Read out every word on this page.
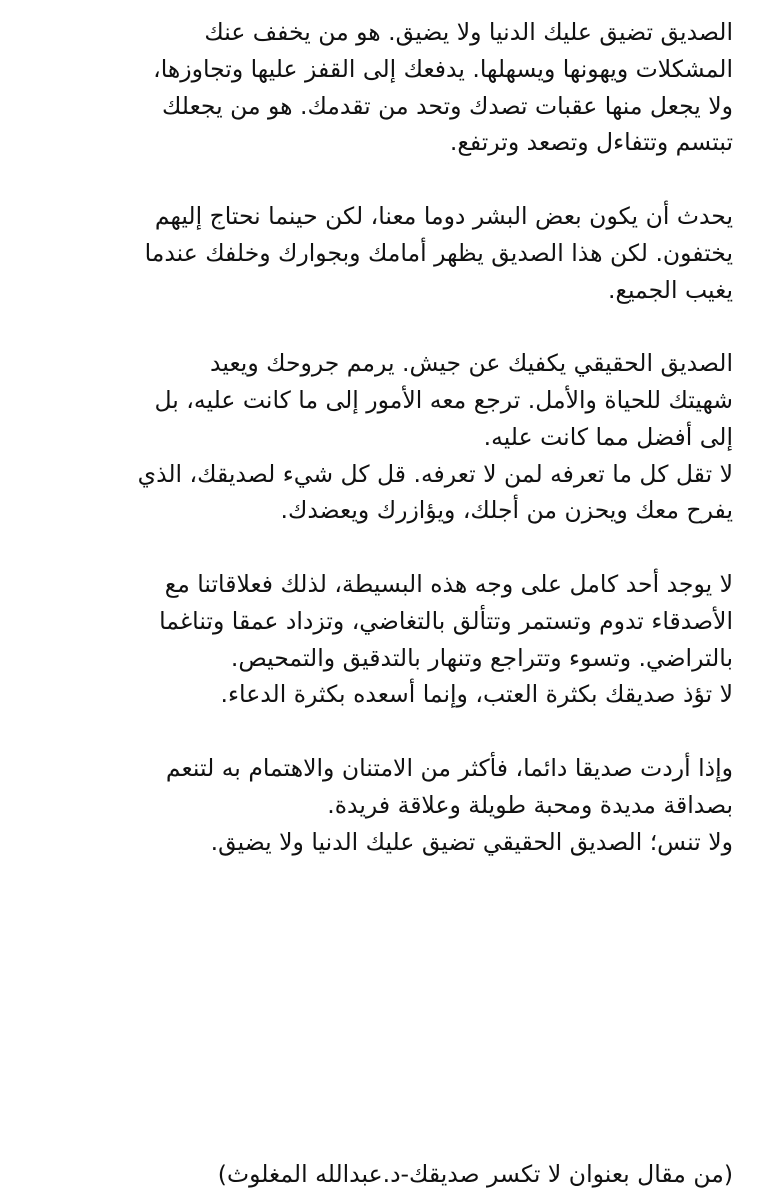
الصديق تضيق عليك الدنيا ولا يضيق. هو من يخفف عنك
المشكلات ويهونها ويسهلها. يدفعك إلى القفز عليها وتجاوزها،
ولا يجعل منها عقبات تصدك وتحد من تقدمك. هو من يجعلك
تبتسم وتتفاءل وتصعد وترتفع.

يحدث أن يكون بعض البشر دوما معنا، لكن حينما نحتاج إليهم
يختفون. لكن هذا الصديق يظهر أمامك وبجوارك وخلفك عندما
يغيب الجميع.

الصديق الحقيقي يكفيك عن جيش. يرمم جروحك ويعيد
شهيتك للحياة والأمل. ترجع معه الأمور إلى ما كانت عليه، بل
إلى أفضل مما كانت عليه.
لا تقل كل ما تعرفه لمن لا تعرفه. قل كل شيء لصديقك، الذي
يفرح معك ويحزن من أجلك، ويؤازرك ويعضدك.

لا يوجد أحد كامل على وجه هذه البسيطة، لذلك فعلاقاتنا مع
الأصدقاء تدوم وتستمر وتتألق بالتغاضي، وتزداد عمقا وتناغما
بالتراضي. وتسوء وتتراجع وتنهار بالتدقيق والتمحيص.
لا تؤذ صديقك بكثرة العتب، وإنما أسعده بكثرة الدعاء.

وإذا أردت صديقا دائما، فأكثر من الامتنان والاهتمام به لتنعم
بصداقة مديدة ومحبة طويلة وعلاقة فريدة.
ولا تنس؛ الصديق الحقيقي تضيق عليك الدنيا ولا يضيق.

(من مقال بعنوان لا تكسر صديقك-د.عبدالله المغلوث)
